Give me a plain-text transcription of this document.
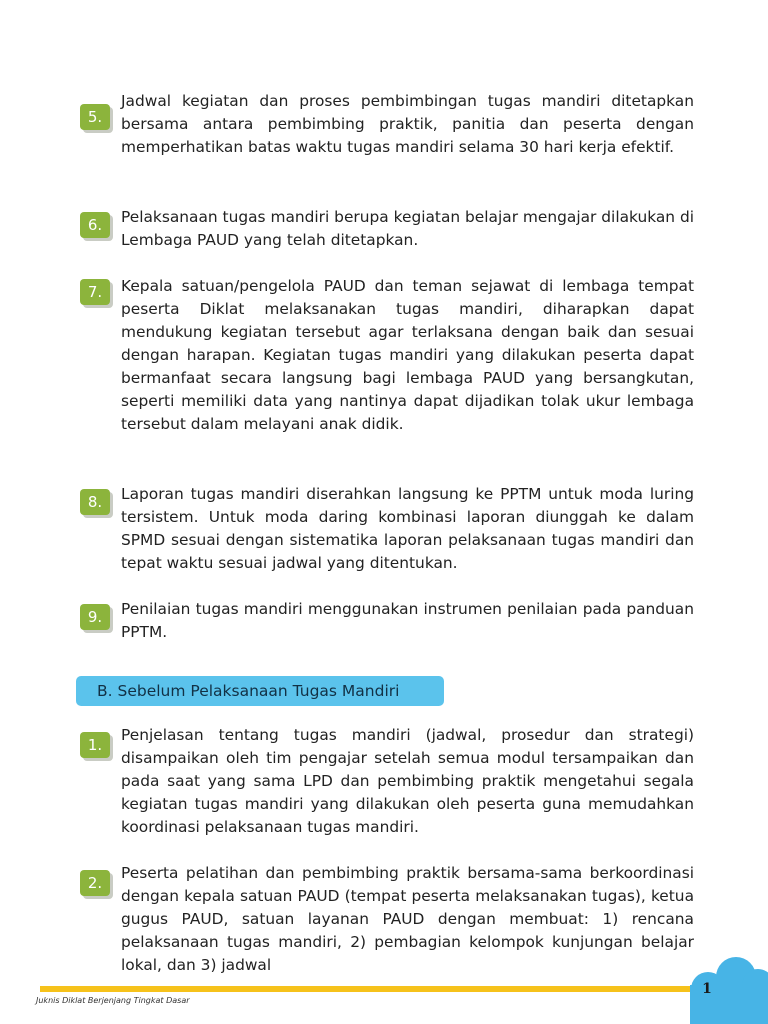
5.
Jadwal kegiatan dan proses pembimbingan tugas mandiri ditetapkan bersama antara pembimbing praktik, panitia dan peserta dengan memperhatikan batas waktu tugas mandiri selama 30 hari kerja efektif.
6.	Pelaksanaan tugas mandiri berupa kegiatan belajar mengajar dilakukan di Lembaga PAUD yang telah ditetapkan.
7.	Kepala satuan/pengelola PAUD dan teman sejawat di lembaga tempat peserta Diklat melaksanakan tugas mandiri, diharapkan dapat mendukung kegiatan tersebut agar terlaksana dengan baik dan sesuai dengan harapan. Kegiatan tugas mandiri yang dilakukan peserta dapat bermanfaat secara langsung bagi lembaga PAUD yang bersangkutan, seperti memiliki data yang nantinya dapat dijadikan tolak ukur lembaga tersebut dalam melayani anak didik.
8.	Laporan tugas mandiri diserahkan langsung ke PPTM untuk moda luring tersistem. Untuk moda daring kombinasi laporan diunggah ke dalam SPMD sesuai dengan sistematika laporan pelaksanaan tugas mandiri dan tepat waktu sesuai jadwal yang ditentukan.
9.	Penilaian tugas mandiri menggunakan instrumen penilaian pada panduan PPTM.
B. Sebelum Pelaksanaan Tugas Mandiri
1.
Penjelasan tentang tugas mandiri (jadwal, prosedur dan strategi) disampaikan oleh tim pengajar setelah semua modul tersampaikan dan pada saat yang sama LPD dan pembimbing praktik mengetahui segala kegiatan tugas mandiri yang dilakukan oleh peserta guna memudahkan koordinasi pelaksanaan tugas mandiri.
2.
Peserta pelatihan dan pembimbing praktik bersama-sama berkoordinasi dengan kepala satuan PAUD (tempat peserta melaksanakan tugas), ketua gugus PAUD, satuan layanan PAUD dengan membuat: 1) rencana pelaksanaan tugas mandiri, 2) pembagian kelompok kunjungan belajar lokal, dan 3) jadwal
1
Juknis Diklat Berjenjang Tingkat Dasar
